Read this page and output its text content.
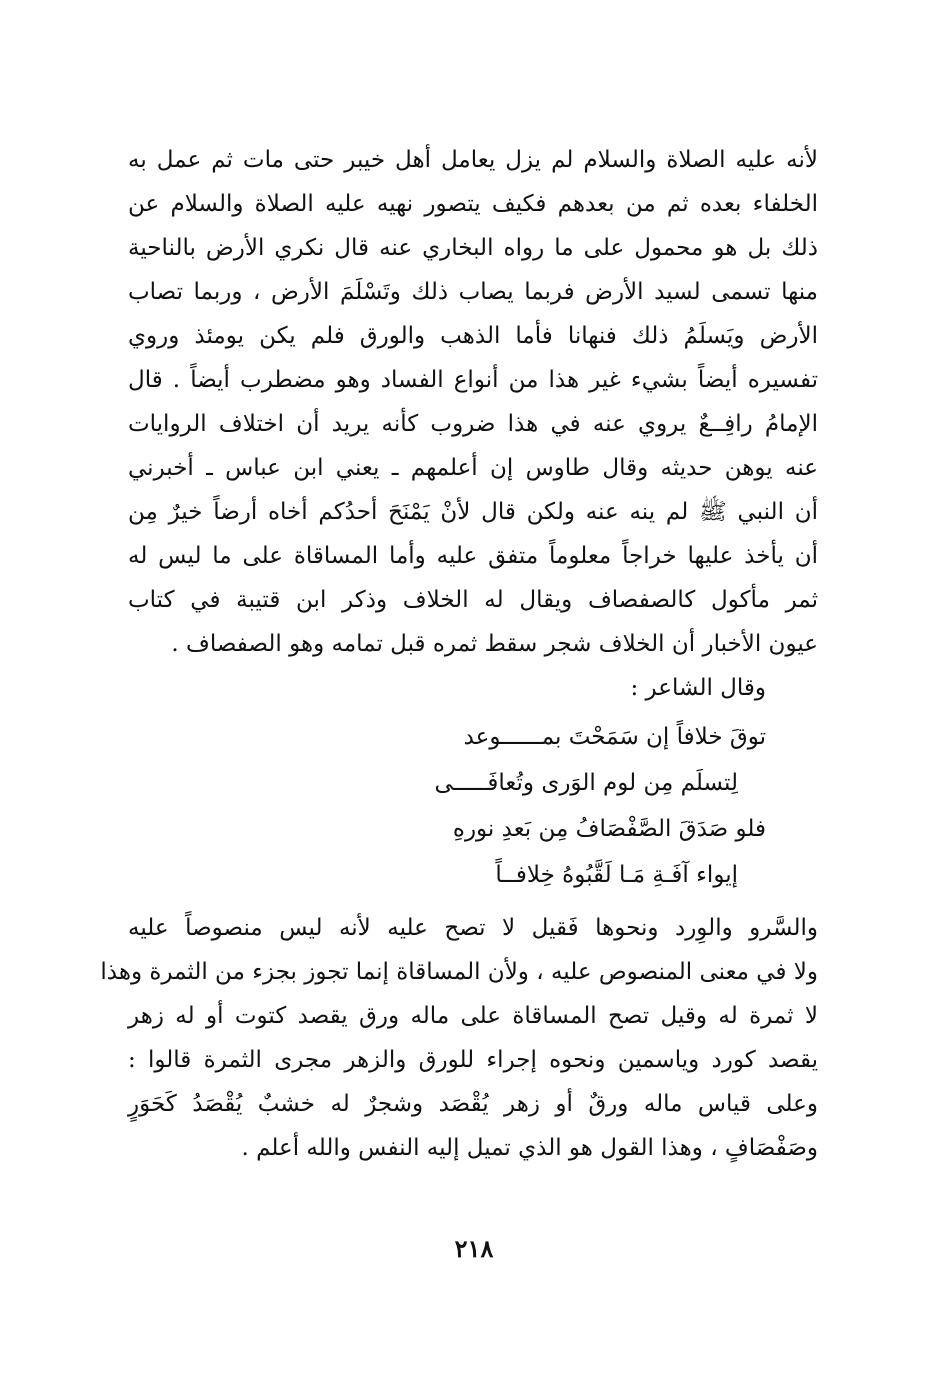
لأنه عليه الصلاة والسلام لم يزل يعامل أهل خيبر حتى مات ثم عمل به
الخلفاء بعده ثم من بعدهم فكيف يتصور نهيه عليه الصلاة والسلام عن
ذلك بل هو محمول على ما رواه البخاري عنه قال نكري الأرض بالناحية
منها تسمى لسيد الأرض فربما يصاب ذلك وتَسْلَمَ الأرض ، وربما تصاب
الأرض ويَسلَمُ ذلك فنهانا فأما الذهب والورق فلم يكن يومئذ وروي
تفسيره أيضاً بشيء غير هذا من أنواع الفساد وهو مضطرب أيضاً . قال
الإمامُ رافِــعٌ يروي عنه في هذا ضروب كأنه يريد أن اختلاف الروايات
عنه يوهن حديثه وقال طاوس إن أعلمهم ـ يعني ابن عباس ـ أخبرني
أن النبي ﷺ لم ينه عنه ولكن قال لأنْ يَمْنَحَ أحدُكم أخاه أرضاً خيرٌ مِن
أن يأخذ عليها خراجاً معلوماً متفق عليه وأما المساقاة على ما ليس له
ثمر مأكول كالصفصاف ويقال له الخلاف وذكر ابن قتيبة في كتاب
عيون الأخبار أن الخلاف شجر سقط ثمره قبل تمامه وهو الصفصاف .
وقال الشاعر :
توقَ خلافاً إن سَمَحْتَ بمــــــوعد
لِتسلَم مِن لوم الوَرى وتُعافَـــــى
فلو صَدَقَ الصَّفْصَافُ مِن بَعدِ نورهِ
إيواء آفَـةِ مَـا لَقَّبُوهُ خِلافــاً
والسَّرو والوِرد ونحوها فَقيل لا تصح عليه لأنه ليس منصوصاً عليه
ولا في معنى المنصوص عليه ، ولأن المساقاة إنما تجوز بجزء من الثمرة وهذا
لا ثمرة له وقيل تصح المساقاة على ماله ورق يقصد كتوت أو له زهر
يقصد كورد وياسمين ونحوه إجراء للورق والزهر مجرى الثمرة قالوا :
وعلى قياس ماله ورقٌ أو زهر يُقْصَد وشجرٌ له خشبٌ يُقْصَدُ كَحَوَرٍ
وصَفْصَافٍ ، وهذا القول هو الذي تميل إليه النفس والله أعلم .
٢١٨
